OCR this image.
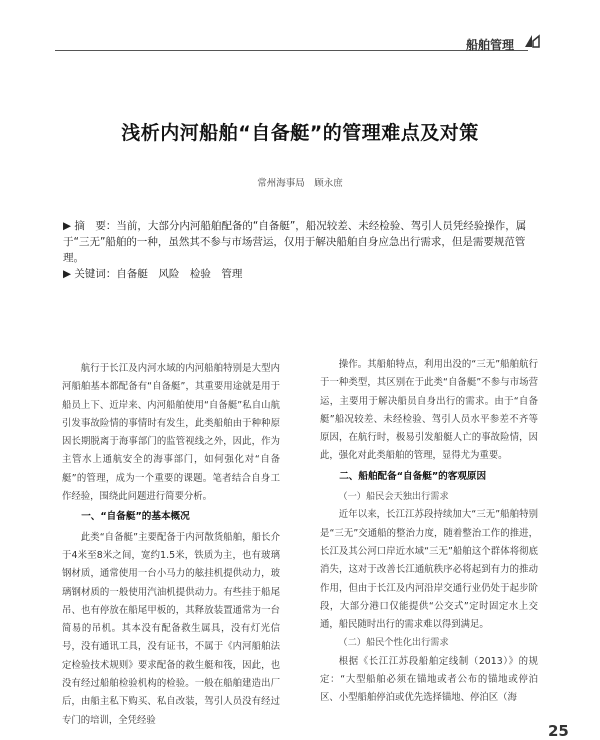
船舶管理
浅析内河船舶“自备艇”的管理难点及对策
常州海事局　顾永庶
▶ 摘　要：当前，大部分内河船舶配备的“自备艇”，船况较差、未经检验、驾引人员凭经验操作，属于“三无”船舶的一种，虽然其不参与市场营运，仅用于解决船舶自身应急出行需求，但是需要规范管理。
▶ 关键词：自备艇　风险　检验　管理

航行于长江及内河水域的内河船舶特别是大型内河船舶基本都配备有“自备艇”，其重要用途就是用于船员上下、近岸来、内河船舶使用“自备艇”私自山航引发事故险情的事情时有发生，此类船舶由于种种原因长期脱离于海事部门的监管视线之外，因此，作为主管水上通航安全的海事部门，如何强化对“自备艇”的管理，成为一个重要的课题。笔者结合自身工作经验，围绕此问题进行简要分析。

一、“自备艇”的基本概况

此类“自备艇”主要配备于内河散货船舶，船长介于4米至8米之间，宽约1.5米，铁质为主，也有玻璃钢材质，通常使用一台小马力的舷挂机提供动力，玻璃钢材质的一般使用汽油机提供动力。有些挂于船尾吊、也有停放在船尾甲板的，其释放装置通常为一台简易的吊机。其本没有配备救生属具，没有灯光信号，没有通讯工具，没有证书，不属于《内河船舶法定检验技术规则》要求配备的救生艇和筏，因此，也没有经过船舶检验机构的检验。一般在船舶建造出厂后，由船主私下购买、私自改装，驾引人员没有经过专门的培训，全凭经验

操作。其船舶特点，利用出没的“三无”船舶航行于一种类型，其区别在于此类“自备艇”不参与市场营运，主要用于解决船员自身出行的需求。由于“自备艇”船况较差、未经检验、驾引人员水平参差不齐等原因，在航行时，极易引发船艇人亡的事故险情，因此，强化对此类船舶的管理，显得尤为重要。

二、船舶配备“自备艇”的客观原因
（一）船民会天独出行需求

近年以来，长江江苏段持续加大“三无”船舶特别是“三无”交通船的整治力度，随着整治工作的推进，长江及其公河口岸近水域“三无”船舶这个群体将彻底消失，这对于改善长江通航秩序必将起到有力的推动作用，但由于长江及内河沿岸交通行业仍处于起步阶段，大部分港口仅能提供“公交式”定时固定水上交通，船民随时出行的需求难以得到满足。

（二）船民个性化出行需求

根据《长江江苏段船舶定线制（2013）》的规定：“大型船舶必须在锚地或者公布的锚地或停泊区、小型船舶停泊或优先选择锚地、停泊区（海

25
